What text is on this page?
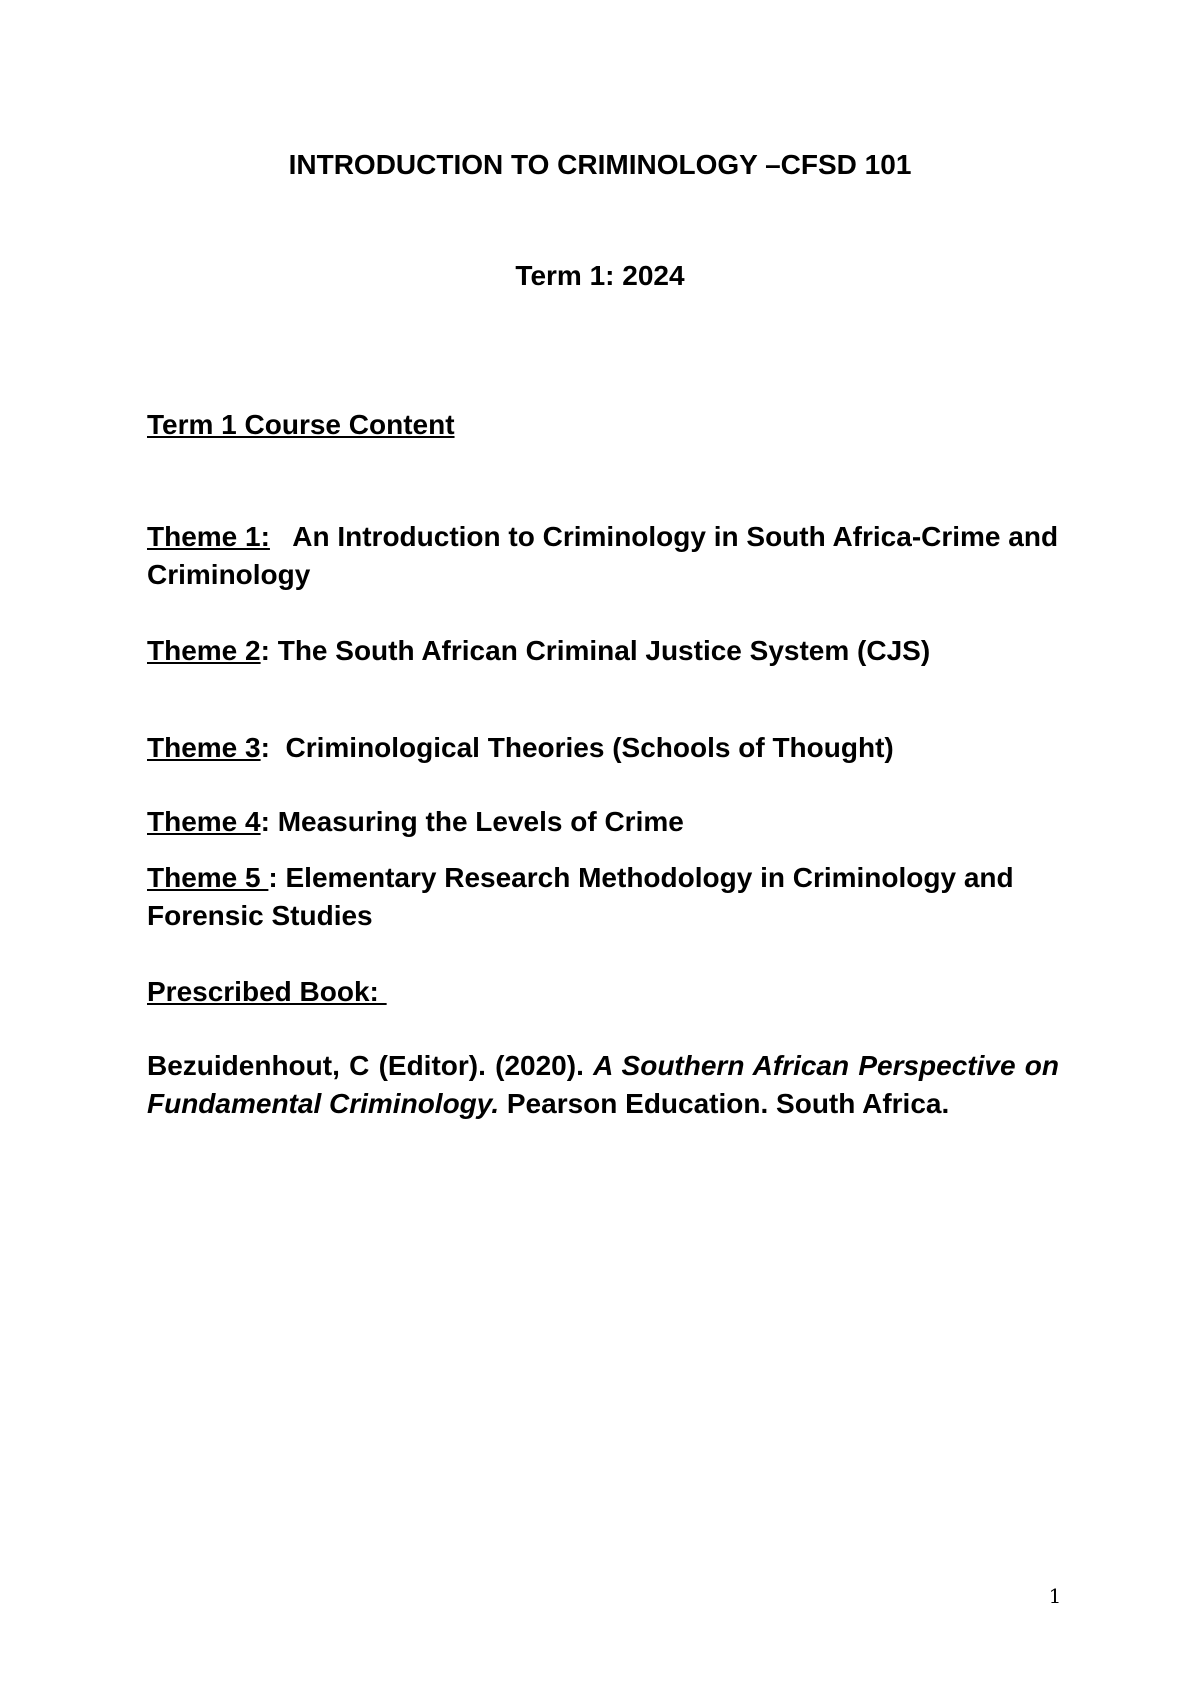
INTRODUCTION TO CRIMINOLOGY –CFSD 101
Term 1: 2024
Term 1 Course Content
Theme 1:   An Introduction to Criminology in South Africa-Crime and Criminology
Theme 2: The South African Criminal Justice System (CJS)
Theme 3:  Criminological Theories (Schools of Thought)
Theme 4: Measuring the Levels of Crime
Theme 5 : Elementary Research Methodology in Criminology and Forensic Studies
Prescribed Book:
Bezuidenhout, C (Editor). (2020). A Southern African Perspective on Fundamental Criminology. Pearson Education. South Africa.
1
